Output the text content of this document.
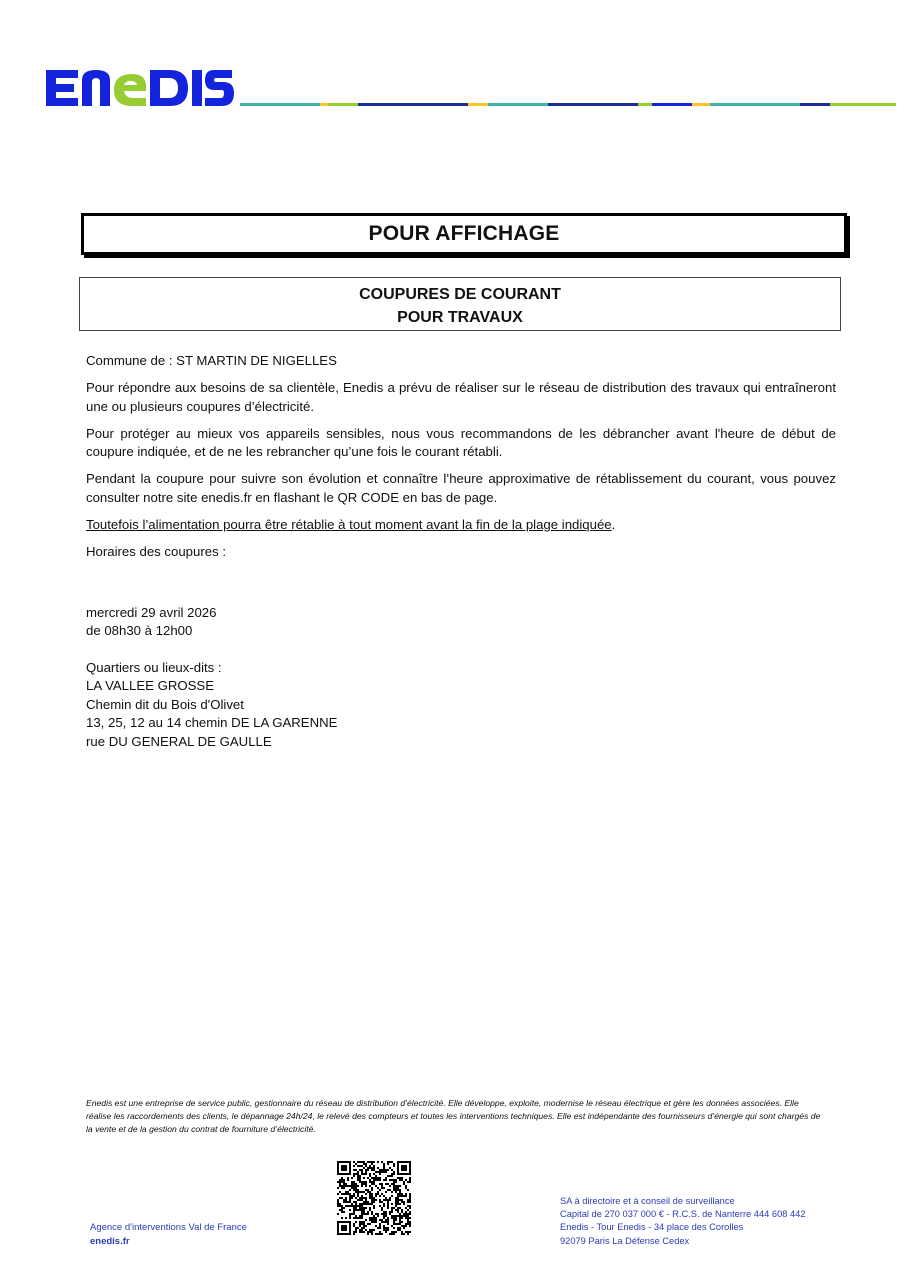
POUR AFFICHAGE
COUPURES DE COURANT
POUR TRAVAUX

Commune de : ST MARTIN DE NIGELLES

Pour répondre aux besoins de sa clientèle, Enedis a prévu de réaliser sur le réseau de distribution des travaux qui entraîneront une ou plusieurs coupures d’électricité.

Pour protéger au mieux vos appareils sensibles, nous vous recommandons de les débrancher avant l'heure de début de coupure indiquée, et de ne les rebrancher qu’une fois le courant rétabli.

Pendant la coupure pour suivre son évolution et connaître l’heure approximative de rétablissement du courant, vous pouvez consulter notre site enedis.fr en flashant le QR CODE en bas de page.

Toutefois l’alimentation pourra être rétablie à tout moment avant la fin de la plage indiquée.

Horaires des coupures :

mercredi 29 avril 2026
de 08h30 à 12h00
Quartiers ou lieux-dits :
LA VALLEE GROSSE
Chemin dit du Bois d'Olivet
13, 25, 12 au 14 chemin DE LA GARENNE
rue DU GENERAL DE GAULLE
Enedis est une entreprise de service public, gestionnaire du réseau de distribution d’électricité. Elle développe, exploite, modernise le réseau électrique et gère les données associées. Elle réalise les raccordements des clients, le dépannage 24h/24, le relevé des compteurs et toutes les interventions techniques. Elle est indépendante des fournisseurs d’énergie qui sont chargés de la vente et de la gestion du contrat de fourniture d’électricité.
Agence d'interventions Val de France
enedis.fr
SA à directoire et à conseil de surveillance
Capital de 270 037 000 € - R.C.S. de Nanterre 444 608 442
Enedis - Tour Enedis - 34 place des Corolles
92079 Paris La Défense Cedex
